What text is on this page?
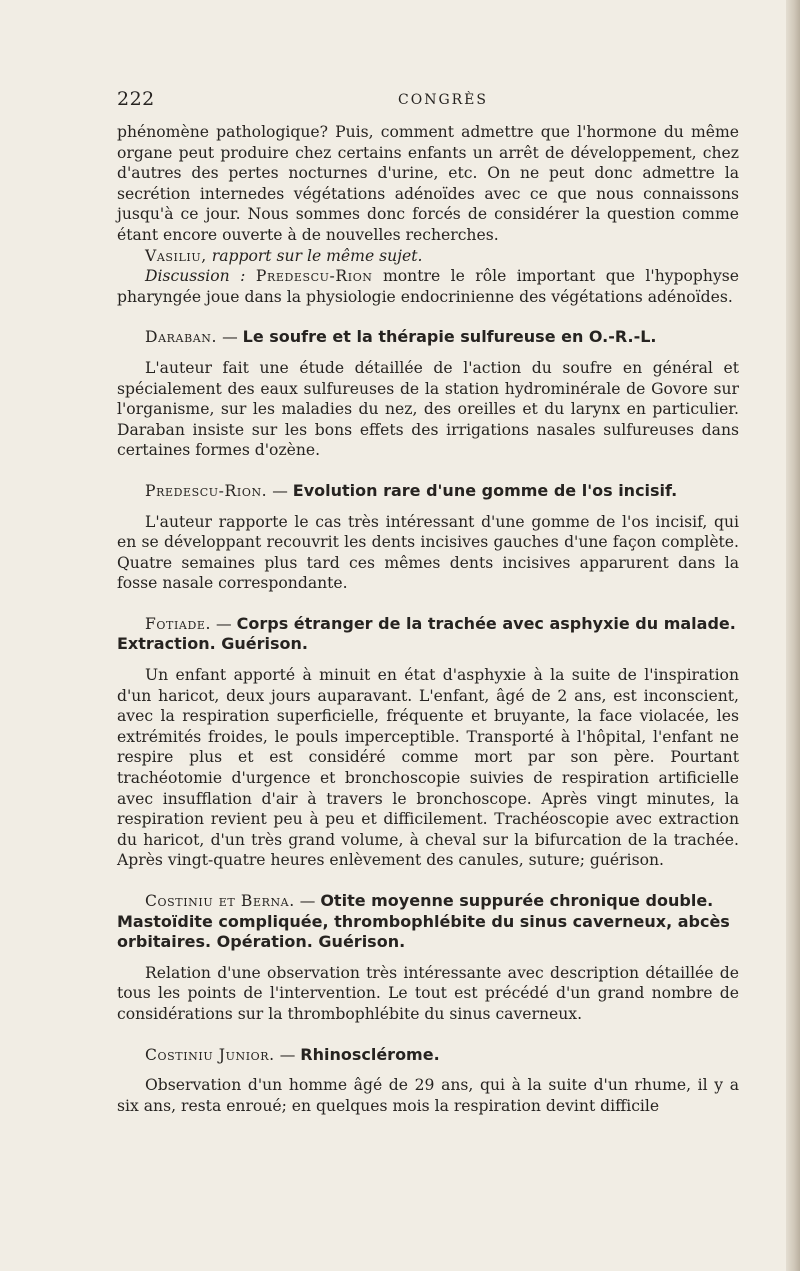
222	CONGRÈS

phénomène pathologique? Puis, comment admettre que l'hormone du même organe peut produire chez certains enfants un arrêt de développement, chez d'autres des pertes nocturnes d'urine, etc. On ne peut donc admettre la secrétion internedes végétations adénoïdes avec ce que nous connaissons jusqu'à ce jour. Nous sommes donc forcés de considérer la question comme étant encore ouverte à de nouvelles recherches.

Vasiliu, rapport sur le même sujet.

Discussion : Predescu-Rion montre le rôle important que l'hypophyse pharyngée joue dans la physiologie endocrinienne des végétations adénoïdes.

Daraban. — Le soufre et la thérapie sulfureuse en O.-R.-L.

L'auteur fait une étude détaillée de l'action du soufre en général et spécialement des eaux sulfureuses de la station hydrominérale de Govore sur l'organisme, sur les maladies du nez, des oreilles et du larynx en particulier. Daraban insiste sur les bons effets des irrigations nasales sulfureuses dans certaines formes d'ozène.

Predescu-Rion. — Evolution rare d'une gomme de l'os incisif.

L'auteur rapporte le cas très intéressant d'une gomme de l'os incisif, qui en se développant recouvrit les dents incisives gauches d'une façon complète. Quatre semaines plus tard ces mêmes dents incisives apparurent dans la fosse nasale correspondante.

Fotiade. — Corps étranger de la trachée avec asphyxie du malade. Extraction. Guérison.

Un enfant apporté à minuit en état d'asphyxie à la suite de l'inspiration d'un haricot, deux jours auparavant. L'enfant, âgé de 2 ans, est inconscient, avec la respiration superficielle, fréquente et bruyante, la face violacée, les extrémités froides, le pouls imperceptible. Transporté à l'hôpital, l'enfant ne respire plus et est considéré comme mort par son père. Pourtant trachéotomie d'urgence et bronchoscopie suivies de respiration artificielle avec insufflation d'air à travers le bronchoscope. Après vingt minutes, la respiration revient peu à peu et difficilement. Trachéoscopie avec extraction du haricot, d'un très grand volume, à cheval sur la bifurcation de la trachée. Après vingt-quatre heures enlèvement des canules, suture; guérison.

Costiniu et Berna. — Otite moyenne suppurée chronique double. Mastoïdite compliquée, thrombophlébite du sinus caverneux, abcès orbitaires. Opération. Guérison.

Relation d'une observation très intéressante avec description détaillée de tous les points de l'intervention. Le tout est précédé d'un grand nombre de considérations sur la thrombophlébite du sinus caverneux.

Costiniu Junior. — Rhinosclérome.

Observation d'un homme âgé de 29 ans, qui à la suite d'un rhume, il y a six ans, resta enroué; en quelques mois la respiration devint difficile
